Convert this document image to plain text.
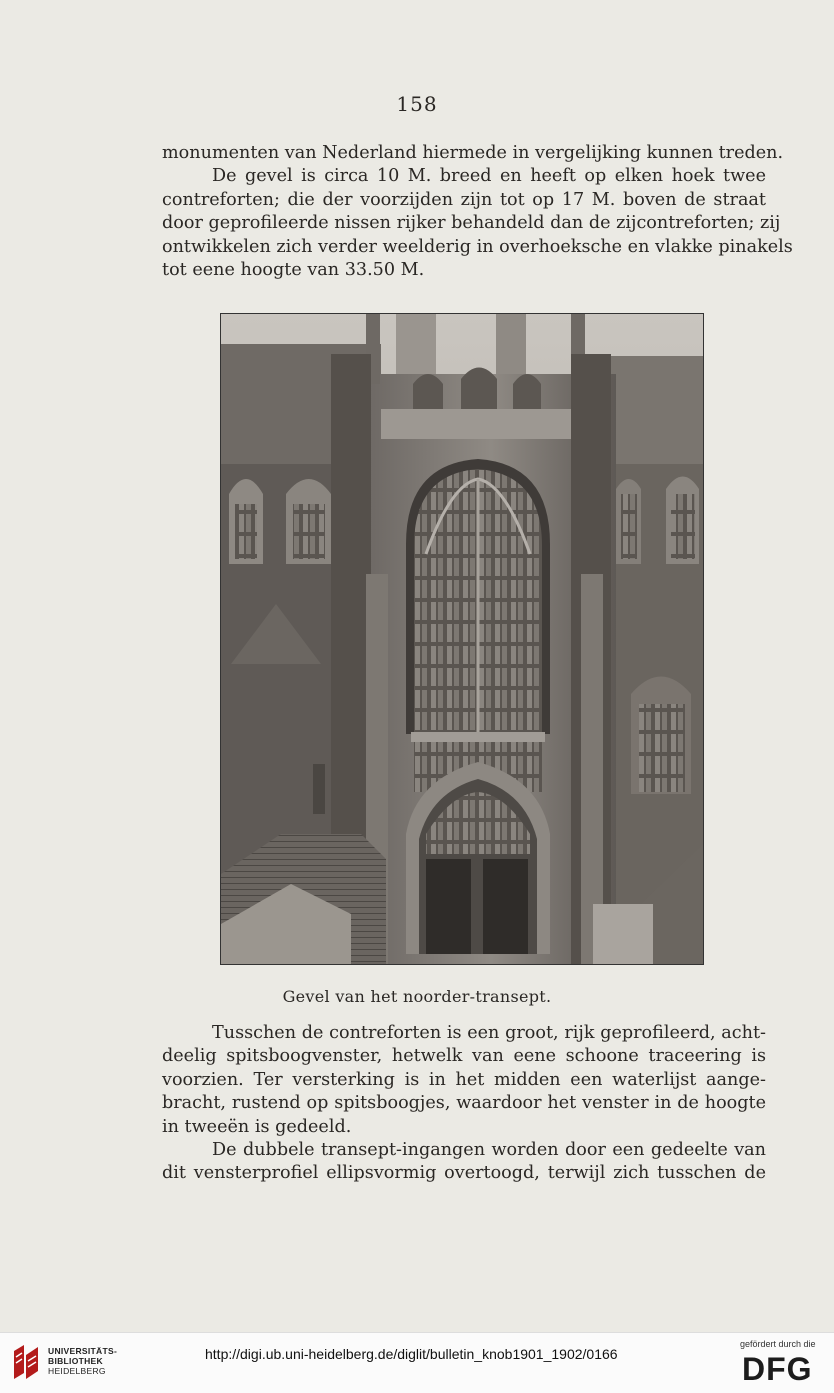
158
monumenten van Nederland hiermede in vergelijking kunnen treden.
De gevel is circa 10 M. breed en heeft op elken hoek twee
contreforten; die der voorzijden zijn tot op 17 M. boven de straat
door geprofileerde nissen rijker behandeld dan de zijcontreforten; zij
ontwikkelen zich verder weelderig in overhoeksche en vlakke pinakels
tot eene hoogte van 33.50 M.
Gevel van het noorder-transept.
Tusschen de contreforten is een groot, rijk geprofileerd, acht-
deelig spitsboogvenster, hetwelk van eene schoone traceering is
voorzien. Ter versterking is in het midden een waterlijst aange-
bracht, rustend op spitsboogjes, waardoor het venster in de hoogte
in tweeën is gedeeld.
De dubbele transept-ingangen worden door een gedeelte van
dit vensterprofiel ellipsvormig overtoogd, terwijl zich tusschen de
UNIVERSITÄTS-
BIBLIOTHEK
HEIDELBERG
http://digi.ub.uni-heidelberg.de/diglit/bulletin_knob1901_1902/0166
gefördert durch die
DFG
